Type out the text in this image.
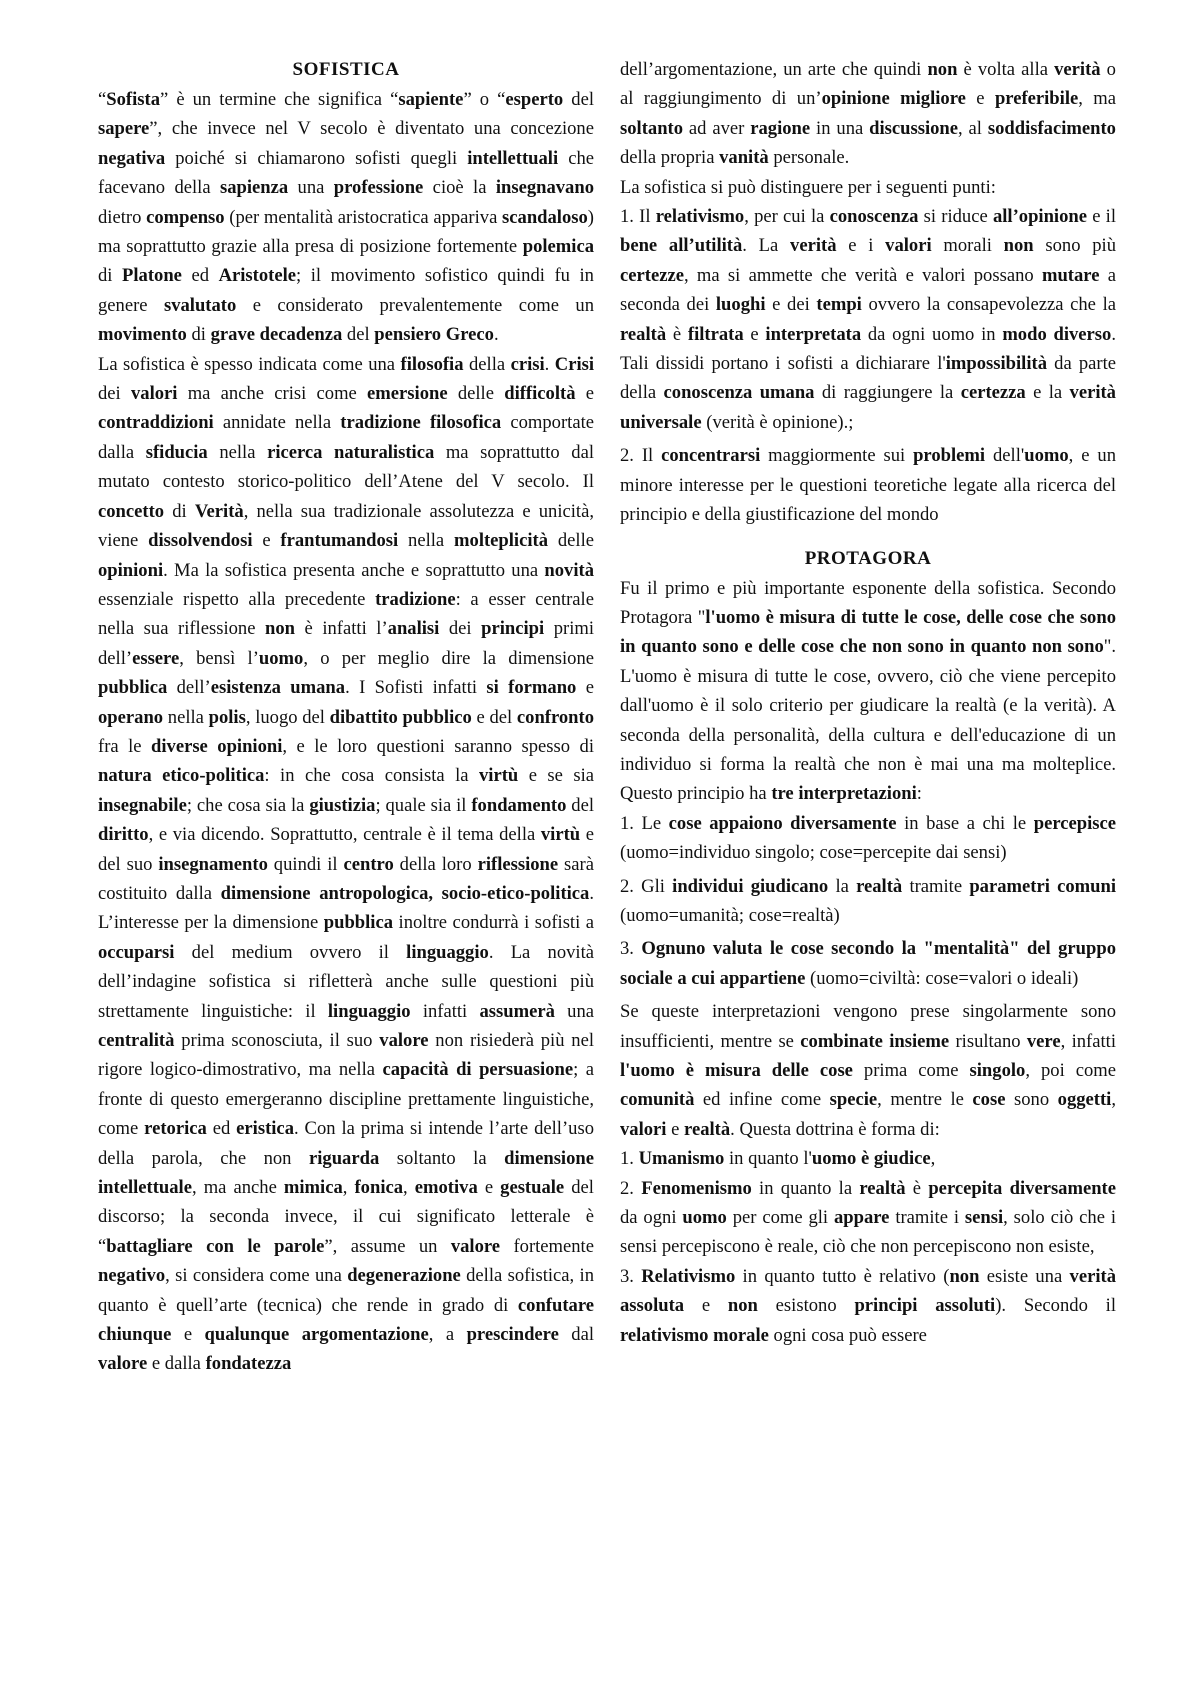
SOFISTICA

“Sofista” è un termine che significa “sapiente” o “esperto del sapere”, che invece nel V secolo è diventato una concezione negativa poiché si chiamarono sofisti quegli intellettuali che facevano della sapienza una professione cioè la insegnavano dietro compenso (per mentalità aristocratica appariva scandaloso) ma soprattutto grazie alla presa di posizione fortemente polemica di Platone ed Aristotele; il movimento sofistico quindi fu in genere svalutato e considerato prevalentemente come un movimento di grave decadenza del pensiero Greco.

La sofistica è spesso indicata come una filosofia della crisi. Crisi dei valori ma anche crisi come emersione delle difficoltà e contraddizioni annidate nella tradizione filosofica comportate dalla sfiducia nella ricerca naturalistica ma soprattutto dal mutato contesto storico-politico dell’Atene del V secolo. Il concetto di Verità, nella sua tradizionale assolutezza e unicità, viene dissolvendosi e frantumandosi nella molteplicità delle opinioni. Ma la sofistica presenta anche e soprattutto una novità essenziale rispetto alla precedente tradizione: a esser centrale nella sua riflessione non è infatti l’analisi dei principi primi dell’essere, bensì l’uomo, o per meglio dire la dimensione pubblica dell’esistenza umana. I Sofisti infatti si formano e operano nella polis, luogo del dibattito pubblico e del confronto fra le diverse opinioni, e le loro questioni saranno spesso di natura etico-politica: in che cosa consista la virtù e se sia insegnabile; che cosa sia la giustizia; quale sia il fondamento del diritto, e via dicendo. Soprattutto, centrale è il tema della virtù e del suo insegnamento quindi il centro della loro riflessione sarà costituito dalla dimensione antropologica, socio-etico-politica. L’interesse per la dimensione pubblica inoltre condurrà i sofisti a occuparsi del medium ovvero il linguaggio. La novità dell’indagine sofistica si rifletterà anche sulle questioni più strettamente linguistiche: il linguaggio infatti assumerà una centralità prima sconosciuta, il suo valore non risiederà più nel rigore logico-dimostrativo, ma nella capacità di persuasione; a fronte di questo emergeranno discipline prettamente linguistiche, come retorica ed eristica. Con la prima si intende l’arte dell’uso della parola, che non riguarda soltanto la dimensione intellettuale, ma anche mimica, fonica, emotiva e gestuale del discorso; la seconda invece, il cui significato letterale è “battagliare con le parole”, assume un valore fortemente negativo, si considera come una degenerazione della sofistica, in quanto è quell’arte (tecnica) che rende in grado di confutare chiunque e qualunque argomentazione, a prescindere dal valore e dalla fondatezza

dell’argomentazione, un arte che quindi non è volta alla verità o al raggiungimento di un’opinione migliore e preferibile, ma soltanto ad aver ragione in una discussione, al soddisfacimento della propria vanità personale.

La sofistica si può distinguere per i seguenti punti:

1. Il relativismo, per cui la conoscenza si riduce all’opinione e il bene all’utilità. La verità e i valori morali non sono più certezze, ma si ammette che verità e valori possano mutare a seconda dei luoghi e dei tempi ovvero la consapevolezza che la realtà è filtrata e interpretata da ogni uomo in modo diverso. Tali dissidi portano i sofisti a dichiarare l'impossibilità da parte della conoscenza umana di raggiungere la certezza e la verità universale (verità è opinione).;

2. Il concentrarsi maggiormente sui problemi dell'uomo, e un minore interesse per le questioni teoretiche legate alla ricerca del principio e della giustificazione del mondo

PROTAGORA

Fu il primo e più importante esponente della sofistica. Secondo Protagora "l'uomo è misura di tutte le cose, delle cose che sono in quanto sono e delle cose che non sono in quanto non sono". L'uomo è misura di tutte le cose, ovvero, ciò che viene percepito dall'uomo è il solo criterio per giudicare la realtà (e la verità). A seconda della personalità, della cultura e dell'educazione di un individuo si forma la realtà che non è mai una ma molteplice. Questo principio ha tre interpretazioni:

1. Le cose appaiono diversamente in base a chi le percepisce (uomo=individuo singolo; cose=percepite dai sensi)

2. Gli individui giudicano la realtà tramite parametri comuni (uomo=umanità; cose=realtà)

3. Ognuno valuta le cose secondo la "mentalità" del gruppo sociale a cui appartiene (uomo=civiltà: cose=valori o ideali)

Se queste interpretazioni vengono prese singolarmente sono insufficienti, mentre se combinate insieme risultano vere, infatti l'uomo è misura delle cose prima come singolo, poi come comunità ed infine come specie, mentre le cose sono oggetti, valori e realtà. Questa dottrina è forma di:

1. Umanismo in quanto l'uomo è giudice,

2. Fenomenismo in quanto la realtà è percepita diversamente da ogni uomo per come gli appare tramite i sensi, solo ciò che i sensi percepiscono è reale, ciò che non percepiscono non esiste,

3. Relativismo in quanto tutto è relativo (non esiste una verità assoluta e non esistono principi assoluti). Secondo il relativismo morale ogni cosa può essere
